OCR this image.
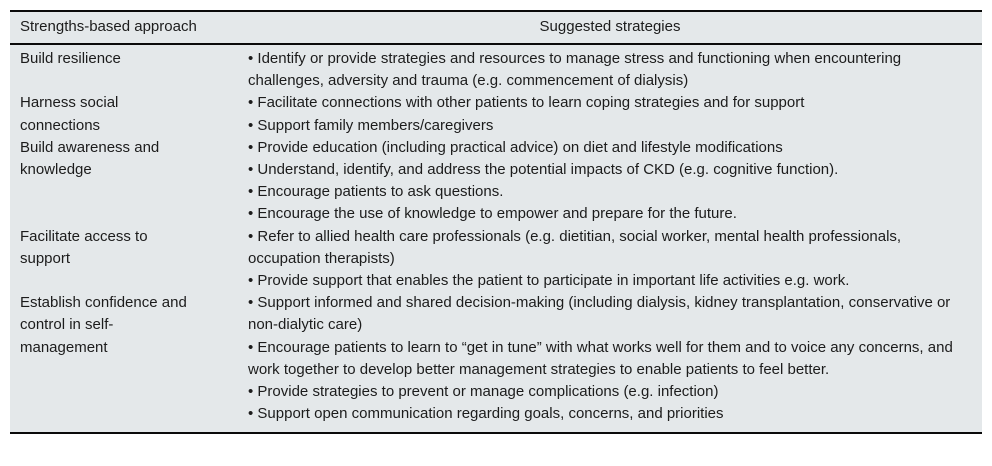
Strengths-based approach	Suggested strategies
Build resilience	• Identify or provide strategies and resources to manage stress and functioning when encountering challenges, adversity and trauma (e.g. commencement of dialysis)
Harness social connections
• Facilitate connections with other patients to learn coping strategies and for support
• Support family members/caregivers
Build awareness and knowledge
• Provide education (including practical advice) on diet and lifestyle modifications
• Understand, identify, and address the potential impacts of CKD (e.g. cognitive function).
• Encourage patients to ask questions.
• Encourage the use of knowledge to empower and prepare for the future.
Facilitate access to support
• Refer to allied health care professionals (e.g. dietitian, social worker, mental health professionals, occupation therapists)
• Provide support that enables the patient to participate in important life activities e.g. work.
Establish confidence and control in self-management
• Support informed and shared decision-making (including dialysis, kidney transplantation, conservative or non-dialytic care)
• Encourage patients to learn to “get in tune” with what works well for them and to voice any concerns, and work together to develop better management strategies to enable patients to feel better.
• Provide strategies to prevent or manage complications (e.g. infection)
• Support open communication regarding goals, concerns, and priorities
